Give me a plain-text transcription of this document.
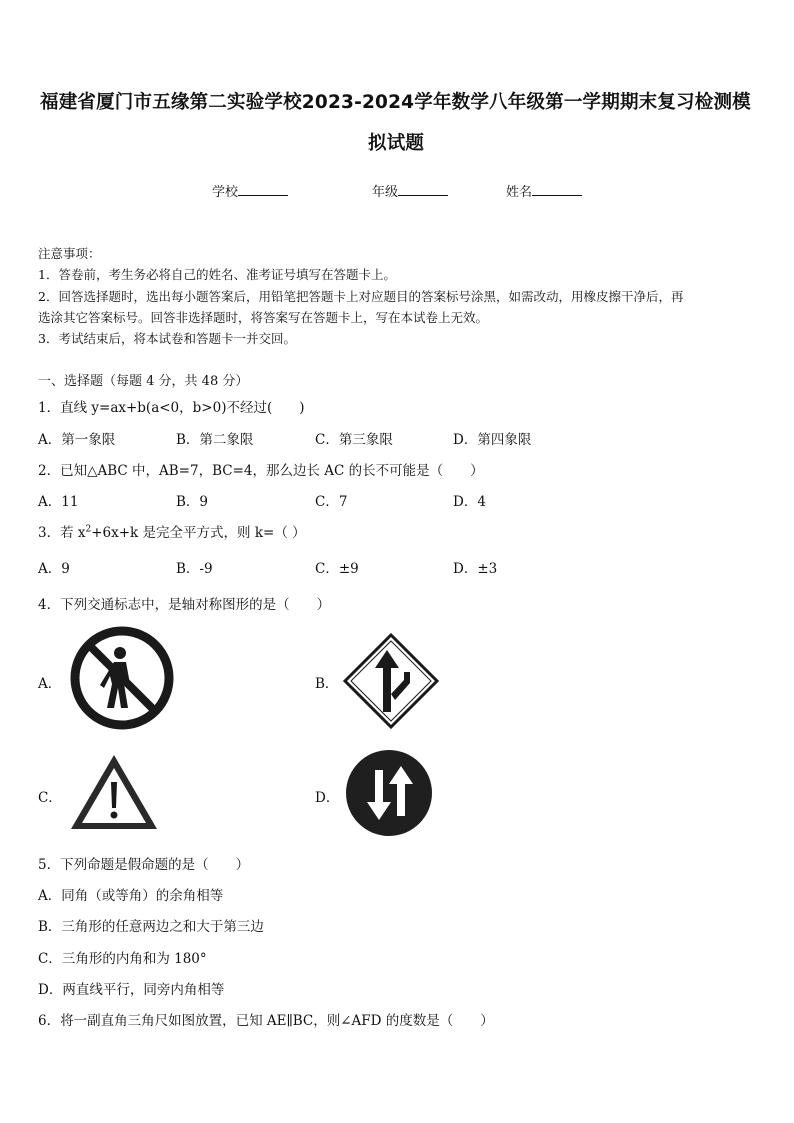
福建省厦门市五缘第二实验学校2023-2024学年数学八年级第一学期期末复习检测模
拟试题
学校	年级	姓名
注意事项：
1．答卷前，考生务必将自己的姓名、准考证号填写在答题卡上。
2．回答选择题时，选出每小题答案后，用铅笔把答题卡上对应题目的答案标号涂黑，如需改动，用橡皮擦干净后，再
选涂其它答案标号。回答非选择题时，将答案写在答题卡上，写在本试卷上无效。
3．考试结束后，将本试卷和答题卡一并交回。
一、选择题（每题 4 分，共 48 分）
1．直线 y=ax+b(a<0，b>0)不经过(　　)
A．第一象限	B．第二象限	C．第三象限	D．第四象限
2．已知△ABC 中，AB=7，BC=4，那么边长 AC 的长不可能是（　　）
A．11	B．9	C．7	D．4
3．若 $x^2+6x+k$ 是完全平方式，则 k=（ ）
A．9	B．-9	C．±9	D．±3
4．下列交通标志中，是轴对称图形的是（　　）
A．	B．
C．	D．
5．下列命题是假命题的是（　　）
A．同角（或等角）的余角相等
B．三角形的任意两边之和大于第三边
C．三角形的内角和为 180°
D．两直线平行，同旁内角相等
6．将一副直角三角尺如图放置，已知 AE∥BC，则∠AFD 的度数是（　　）
